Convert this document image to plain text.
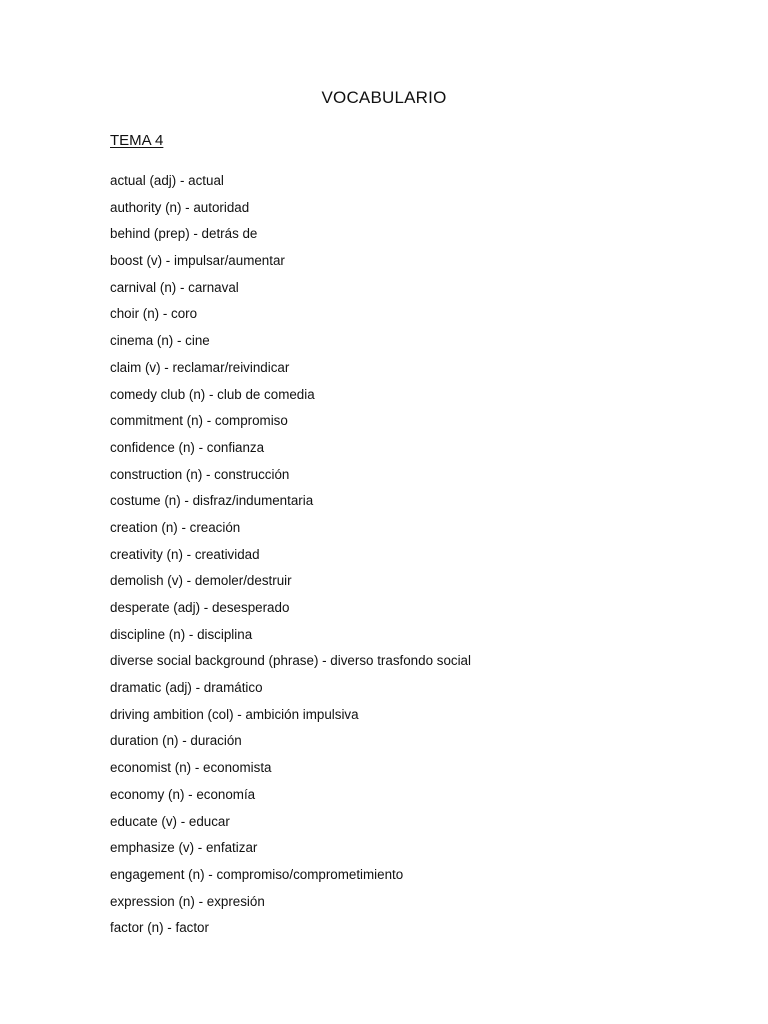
VOCABULARIO
TEMA 4
actual (adj) - actual
authority (n) - autoridad
behind (prep) - detrás de
boost (v) - impulsar/aumentar
carnival (n) - carnaval
choir (n) - coro
cinema (n) - cine
claim (v) - reclamar/reivindicar
comedy club (n) - club de comedia
commitment (n) - compromiso
confidence (n) - confianza
construction (n) - construcción
costume (n) - disfraz/indumentaria
creation (n) - creación
creativity (n) - creatividad
demolish (v) - demoler/destruir
desperate (adj) - desesperado
discipline (n) - disciplina
diverse social background (phrase) - diverso trasfondo social
dramatic (adj) - dramático
driving ambition (col) - ambición impulsiva
duration (n) - duración
economist (n) - economista
economy (n) - economía
educate (v) - educar
emphasize (v) - enfatizar
engagement (n) - compromiso/comprometimiento
expression (n) - expresión
factor (n) - factor
